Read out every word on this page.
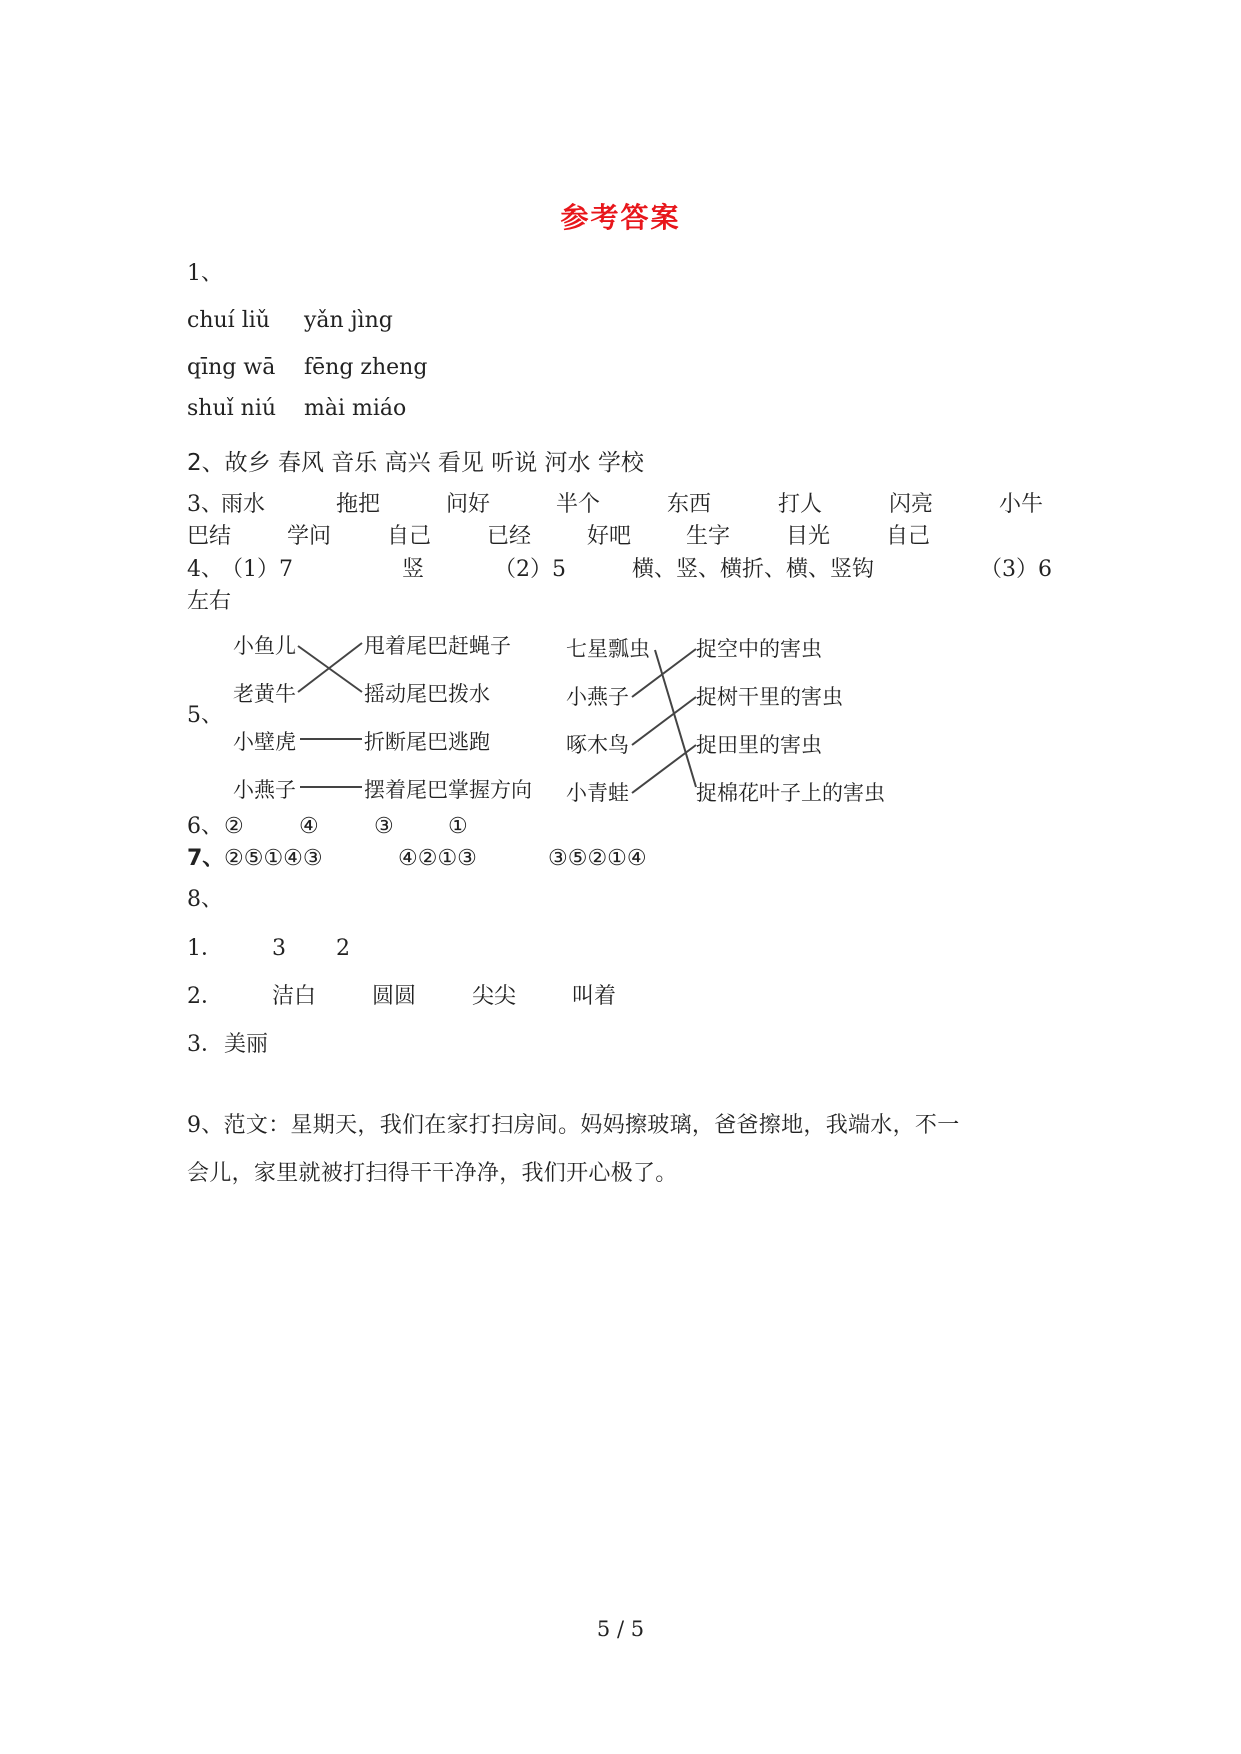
参考答案
1、
chuí liǔ yǎn jìng
qīng wā fēng zheng
shuǐ niú mài miáo
2、故乡 春风 音乐 高兴 看见 听说 河水 学校
3、
雨水	拖把	问好	半个	东西	打人	闪亮	小牛
巴结	学问	自己	已经	好吧 生字	目光	自己
4、
（1）7	竖	（2）5	横、竖、横折、横、竖钩	（3）6
左右
5、
小鱼儿
老黄牛
小壁虎
小燕子
甩着尾巴赶蝇子
摇动尾巴拨水
折断尾巴逃跑
摆着尾巴掌握方向
七星瓢虫
小燕子
啄木鸟
小青蛙
捉空中的害虫
捉树干里的害虫
捉田里的害虫
捉棉花叶子上的害虫
6、 ②	④	③ ①
7、 ②⑤①④③	④②①③	③⑤②①④
8、
1． 3 2
2． 洁白	圆圆	尖尖	叫着
3． 美丽
9、范文：星期天，我们在家打扫房间。妈妈擦玻璃，爸爸擦地，我端水，不一
会儿，家里就被打扫得干干净净，我们开心极了。
5 / 5
